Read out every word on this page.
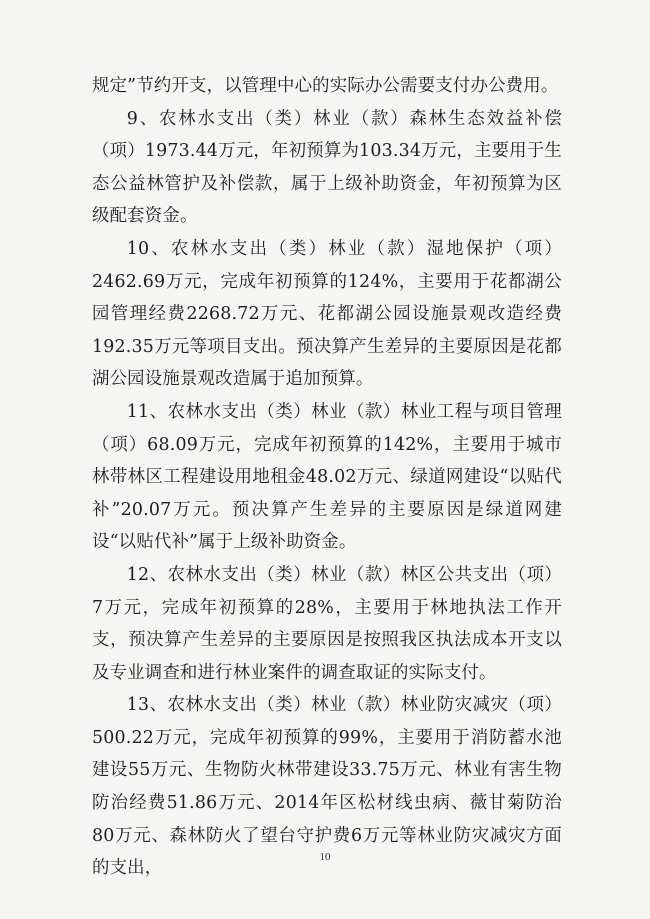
规定”节约开支，以管理中心的实际办公需要支付办公费用。

9、农林水支出（类）林业（款）森林生态效益补偿（项）1973.44万元，年初预算为103.34万元，主要用于生态公益林管护及补偿款，属于上级补助资金，年初预算为区级配套资金。

10、农林水支出（类）林业（款）湿地保护（项）2462.69万元，完成年初预算的124%，主要用于花都湖公园管理经费2268.72万元、花都湖公园设施景观改造经费192.35万元等项目支出。预决算产生差异的主要原因是花都湖公园设施景观改造属于追加预算。

11、农林水支出（类）林业（款）林业工程与项目管理（项）68.09万元，完成年初预算的142%，主要用于城市林带林区工程建设用地租金48.02万元、绿道网建设“以贴代补”20.07万元。预决算产生差异的主要原因是绿道网建设“以贴代补”属于上级补助资金。

12、农林水支出（类）林业（款）林区公共支出（项）7万元，完成年初预算的28%，主要用于林地执法工作开支，预决算产生差异的主要原因是按照我区执法成本开支以及专业调查和进行林业案件的调查取证的实际支付。

13、农林水支出（类）林业（款）林业防灾减灾（项）500.22万元，完成年初预算的99%，主要用于消防蓄水池建设55万元、生物防火林带建设33.75万元、林业有害生物防治经费51.86万元、2014年区松材线虫病、薇甘菊防治80万元、森林防火了望台守护费6万元等林业防灾减灾方面的支出，

10
